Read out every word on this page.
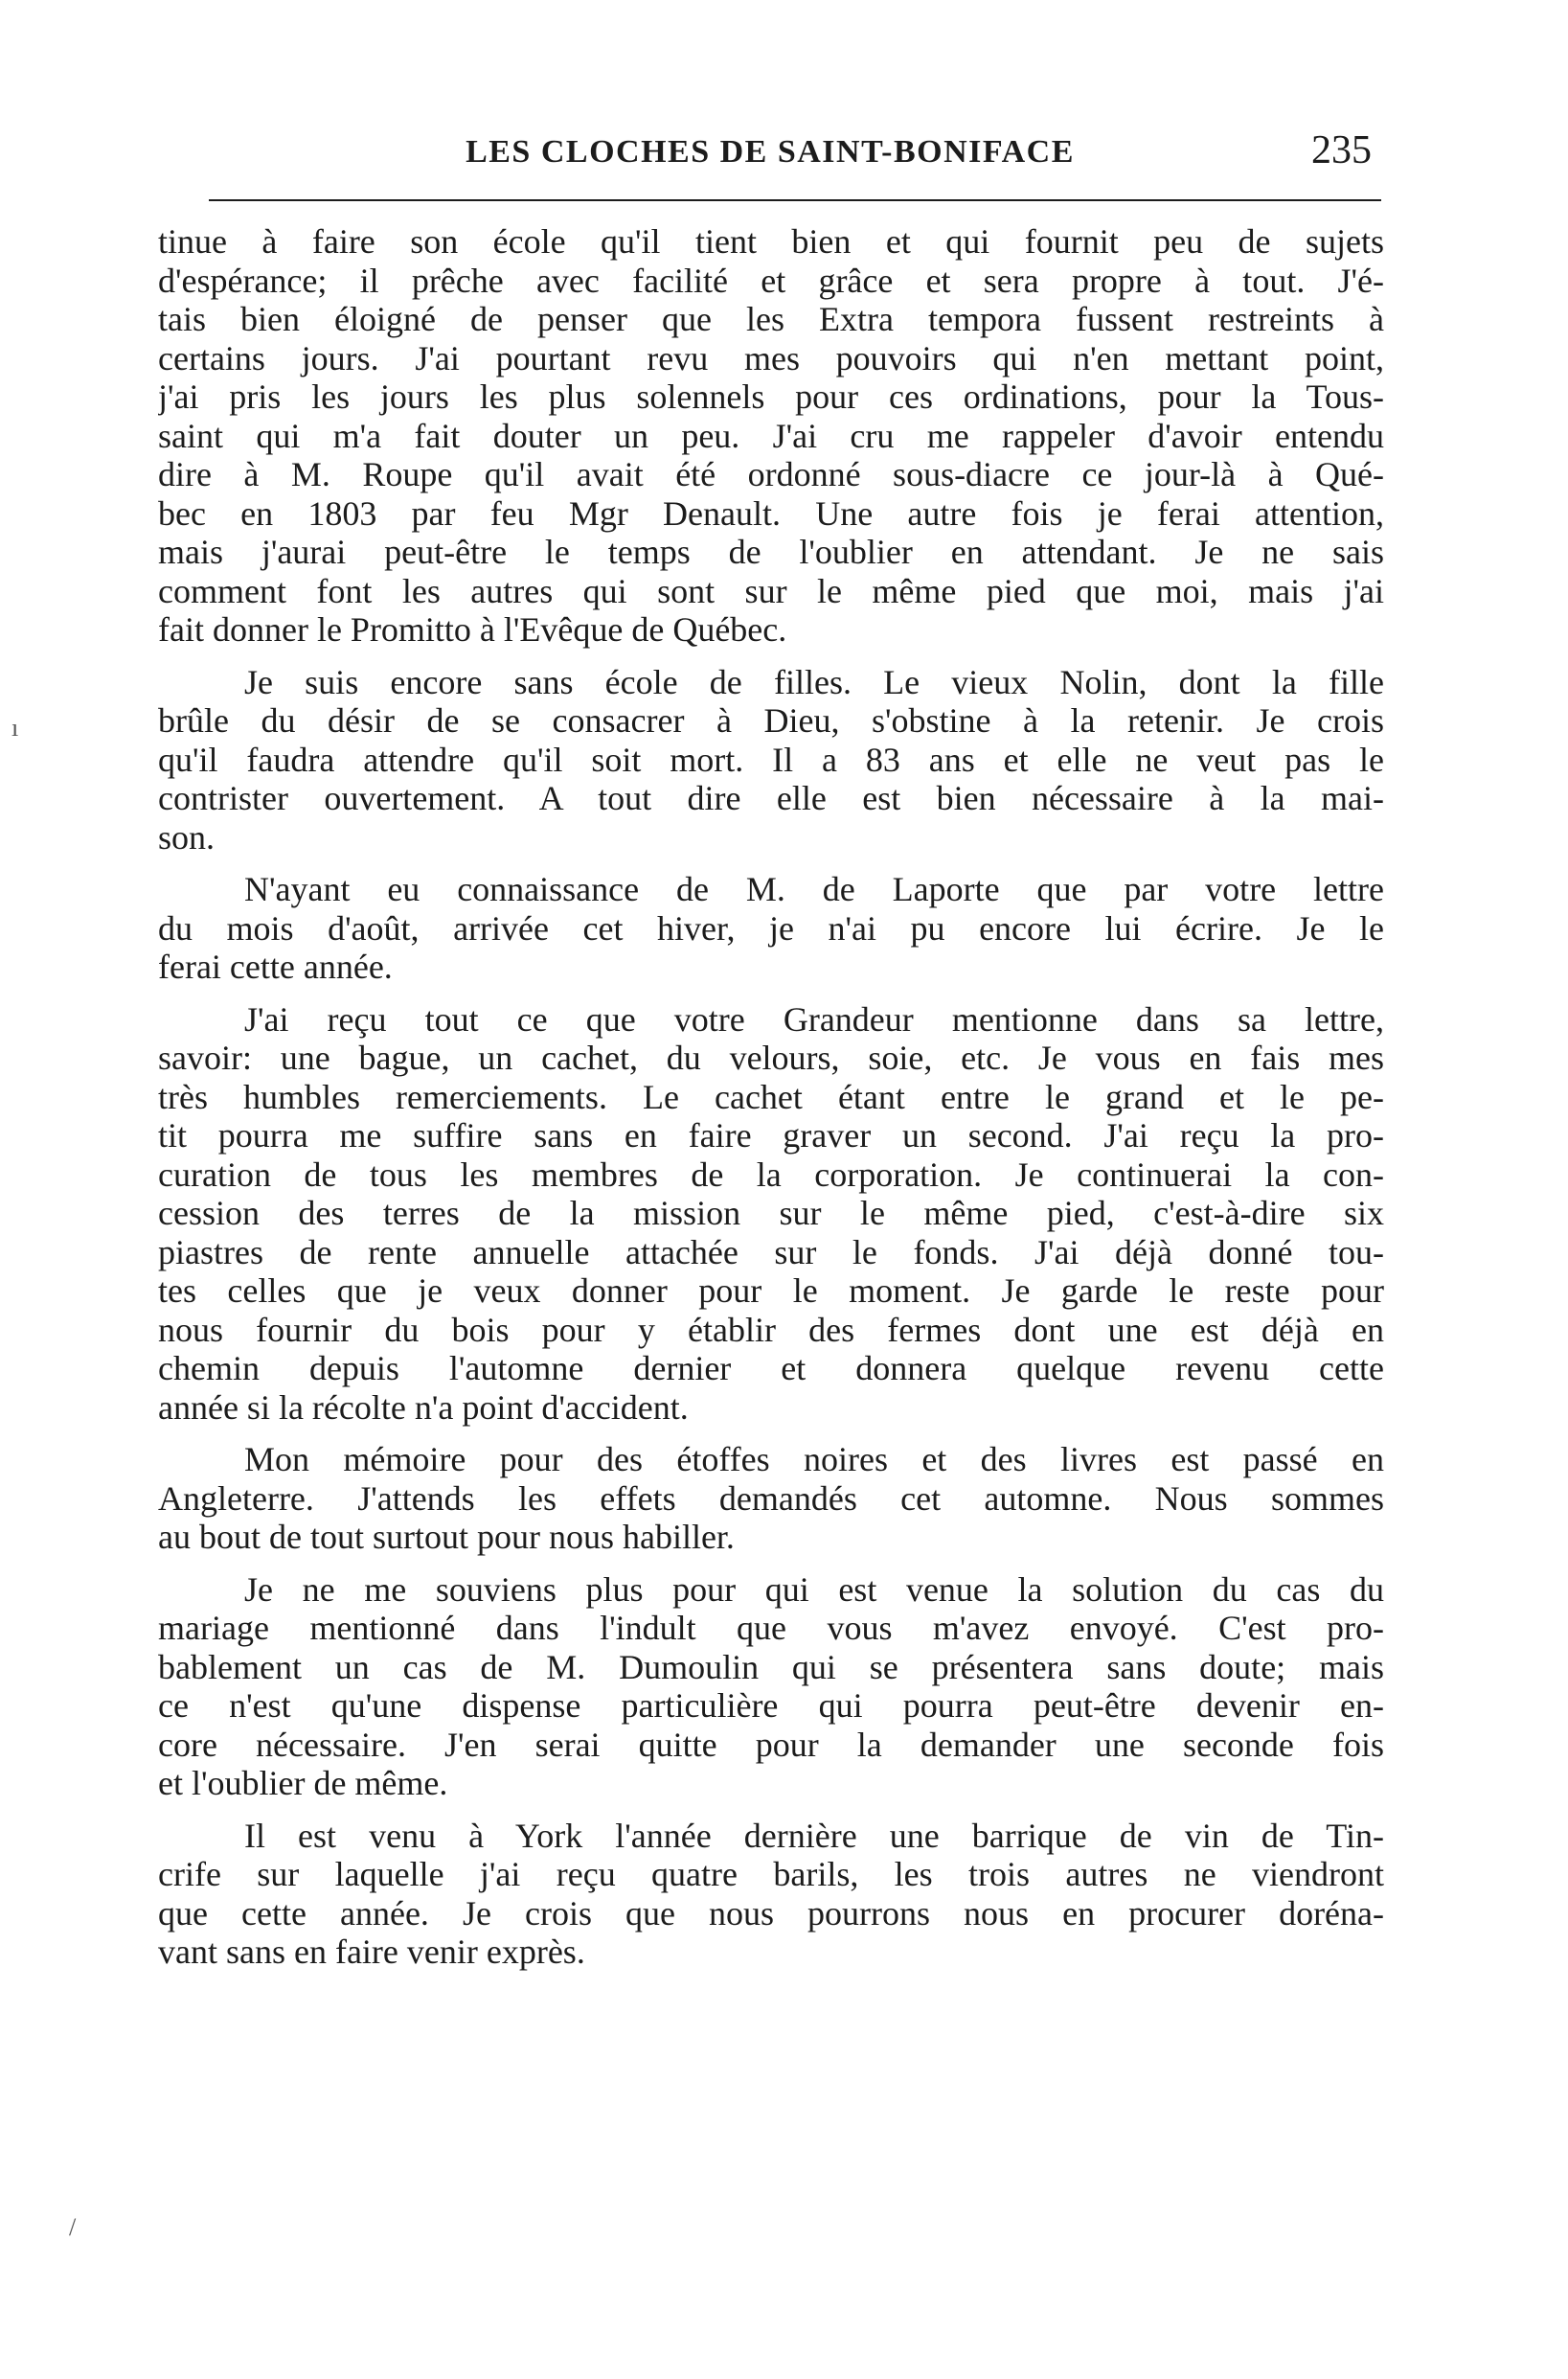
LES CLOCHES DE SAINT-BONIFACE	235
ı
/
tinue à faire son école qu'il tient bien et qui fournit peu de sujets
d'espérance; il prêche avec facilité et grâce et sera propre à tout. J'é-
tais bien éloigné de penser que les Extra tempora fussent restreints à
certains jours. J'ai pourtant revu mes pouvoirs qui n'en mettant point,
j'ai pris les jours les plus solennels pour ces ordinations, pour la Tous-
saint qui m'a fait douter un peu. J'ai cru me rappeler d'avoir entendu
dire à M. Roupe qu'il avait été ordonné sous-diacre ce jour-là à Qué-
bec en 1803 par feu Mgr Denault. Une autre fois je ferai attention,
mais j'aurai peut-être le temps de l'oublier en attendant. Je ne sais
comment font les autres qui sont sur le même pied que moi, mais j'ai
fait donner le Promitto à l'Evêque de Québec.
Je suis encore sans école de filles. Le vieux Nolin, dont la fille
brûle du désir de se consacrer à Dieu, s'obstine à la retenir. Je crois
qu'il faudra attendre qu'il soit mort. Il a 83 ans et elle ne veut pas le
contrister ouvertement. A tout dire elle est bien nécessaire à la mai-
son.
N'ayant eu connaissance de M. de Laporte que par votre lettre
du mois d'août, arrivée cet hiver, je n'ai pu encore lui écrire. Je le
ferai cette année.
J'ai reçu tout ce que votre Grandeur mentionne dans sa lettre,
savoir: une bague, un cachet, du velours, soie, etc. Je vous en fais mes
très humbles remerciements. Le cachet étant entre le grand et le pe-
tit pourra me suffire sans en faire graver un second. J'ai reçu la pro-
curation de tous les membres de la corporation. Je continuerai la con-
cession des terres de la mission sur le même pied, c'est-à-dire six
piastres de rente annuelle attachée sur le fonds. J'ai déjà donné tou-
tes celles que je veux donner pour le moment. Je garde le reste pour
nous fournir du bois pour y établir des fermes dont une est déjà en
chemin depuis l'automne dernier et donnera quelque revenu cette
année si la récolte n'a point d'accident.
Mon mémoire pour des étoffes noires et des livres est passé en
Angleterre. J'attends les effets demandés cet automne. Nous sommes
au bout de tout surtout pour nous habiller.
Je ne me souviens plus pour qui est venue la solution du cas du
mariage mentionné dans l'indult que vous m'avez envoyé. C'est pro-
bablement un cas de M. Dumoulin qui se présentera sans doute; mais
ce n'est qu'une dispense particulière qui pourra peut-être devenir en-
core nécessaire. J'en serai quitte pour la demander une seconde fois
et l'oublier de même.
Il est venu à York l'année dernière une barrique de vin de Tin-
crife sur laquelle j'ai reçu quatre barils, les trois autres ne viendront
que cette année. Je crois que nous pourrons nous en procurer doréna-
vant sans en faire venir exprès.
